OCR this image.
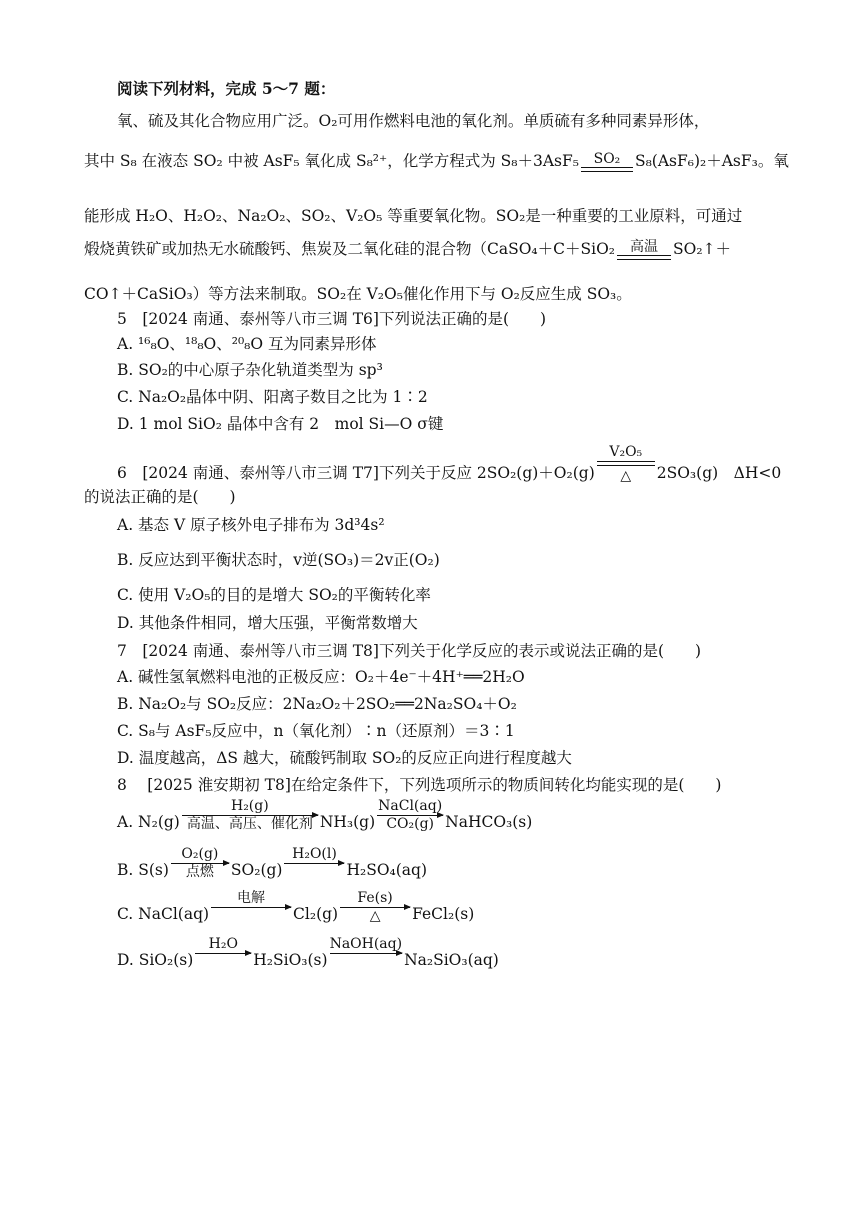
阅读下列材料，完成 5～7 题：
氧、硫及其化合物应用广泛。O₂可用作燃料电池的氧化剂。单质硫有多种同素异形体，
其中 S₈ 在液态 SO₂ 中被 AsF₅ 氧化成 S₈²⁺，化学方程式为 S₈＋3AsF₅	SO₂ S₈(AsF₆)₂＋AsF₃。氧
能形成 H₂O、H₂O₂、Na₂O₂、SO₂、V₂O₅ 等重要氧化物。SO₂是一种重要的工业原料，可通过
煅烧黄铁矿或加热无水硫酸钙、焦炭及二氧化硅的混合物（CaSO₄＋C＋SiO₂	高温 SO₂↑＋
CO↑＋CaSiO₃）等方法来制取。SO₂在 V₂O₅催化作用下与 O₂反应生成 SO₃。
5　[2024 南通、泰州等八市三调 T6]下列说法正确的是(　　)
A. ¹⁶₈O、¹⁸₈O、²⁰₈O 互为同素异形体
B. SO₂的中心原子杂化轨道类型为 sp³
C. Na₂O₂晶体中阴、阳离子数目之比为 1∶2
D. 1 mol SiO₂ 晶体中含有 2　mol Si—O σ键
6　[2024 南通、泰州等八市三调 T7]下列关于反应 2SO₂(g)＋O₂(g)
V₂O₅
△	2SO₃(g)　ΔH<0
的说法正确的是(　　)
A. 基态 V 原子核外电子排布为 3d³4s²
B. 反应达到平衡状态时，v逆(SO₃)＝2v正(O₂)
C. 使用 V₂O₅的目的是增大 SO₂的平衡转化率
D. 其他条件相同，增大压强，平衡常数增大
7　[2024 南通、泰州等八市三调 T8]下列关于化学反应的表示或说法正确的是(　　)
A. 碱性氢氧燃料电池的正极反应：O₂＋4e⁻＋4H⁺══2H₂O
B. Na₂O₂与 SO₂反应：2Na₂O₂＋2SO₂══2Na₂SO₄＋O₂
C. S₈与 AsF₅反应中，n（氧化剂）∶n（还原剂）＝3∶1
D. 温度越高，ΔS 越大，硫酸钙制取 SO₂的反应正向进行程度越大
8　 [2025 淮安期初 T8]在给定条件下，下列选项所示的物质间转化均能实现的是(　　)
A. N₂(g)
H₂(g)
高温、高压、催化剂 NH₃(g)
NaCl(aq)
CO₂(g) NaHCO₃(s)
B. S(s)
O₂(g)
点燃	SO₂(g)
H₂O(l)

H₂SO₄(aq)
C. NaCl(aq)
电解

Cl₂(g)
Fe(s)
△	FeCl₂(s)
D. SiO₂(s)
H₂O

H₂SiO₃(s)
NaOH(aq)

Na₂SiO₃(aq)
